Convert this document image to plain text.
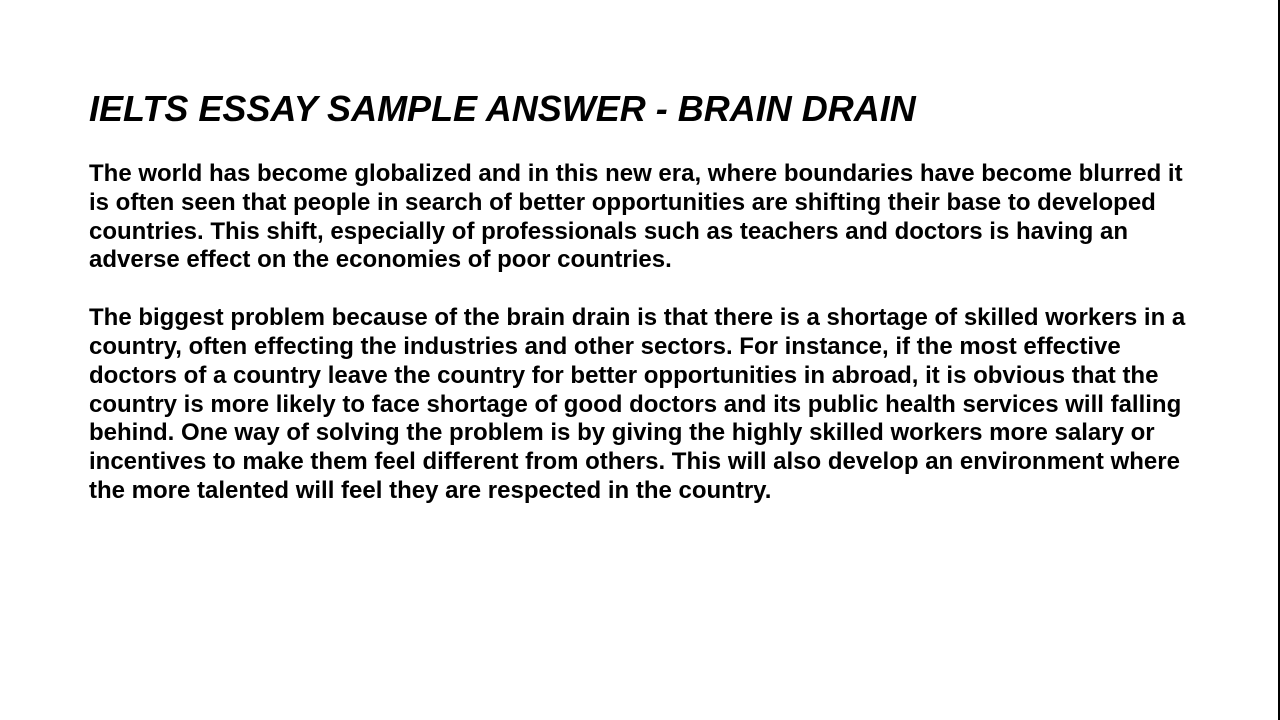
IELTS ESSAY SAMPLE ANSWER - BRAIN DRAIN

The world has become globalized and in this new era, where boundaries have become blurred it is often seen that people in search of better opportunities are shifting their base to developed countries. This shift, especially of professionals such as teachers and doctors is having an adverse effect on the economies of poor countries.

The biggest problem because of the brain drain is that there is a shortage of skilled workers in a country, often effecting the industries and other sectors. For instance, if the most effective doctors of a country leave the country for better opportunities in abroad, it is obvious that the country is more likely to face shortage of good doctors and its public health services will falling behind. One way of solving the problem is by giving the highly skilled workers more salary or incentives to make them feel different from others. This will also develop an environment where the more talented will feel they are respected in the country.
